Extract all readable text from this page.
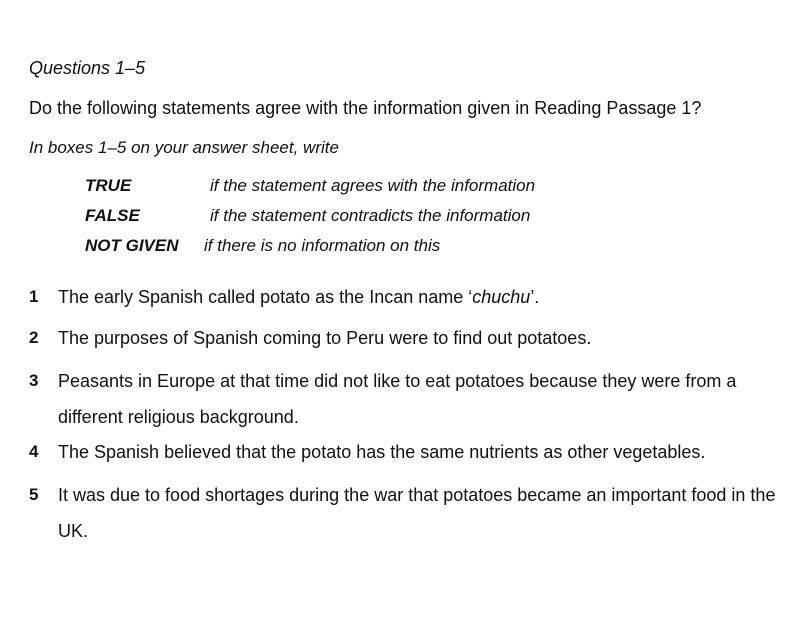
Questions 1–5
Do the following statements agree with the information given in Reading Passage 1?
In boxes 1–5 on your answer sheet, write
TRUE	if the statement agrees with the information
FALSE	if the statement contradicts the information
NOT GIVEN if there is no information on this
1 The early Spanish called potato as the Incan name ‘chuchu’.
2 The purposes of Spanish coming to Peru were to find out potatoes.
3 Peasants in Europe at that time did not like to eat potatoes because they were from a different religious background.
4 The Spanish believed that the potato has the same nutrients as other vegetables.
5 It was due to food shortages during the war that potatoes became an important food in the UK.
